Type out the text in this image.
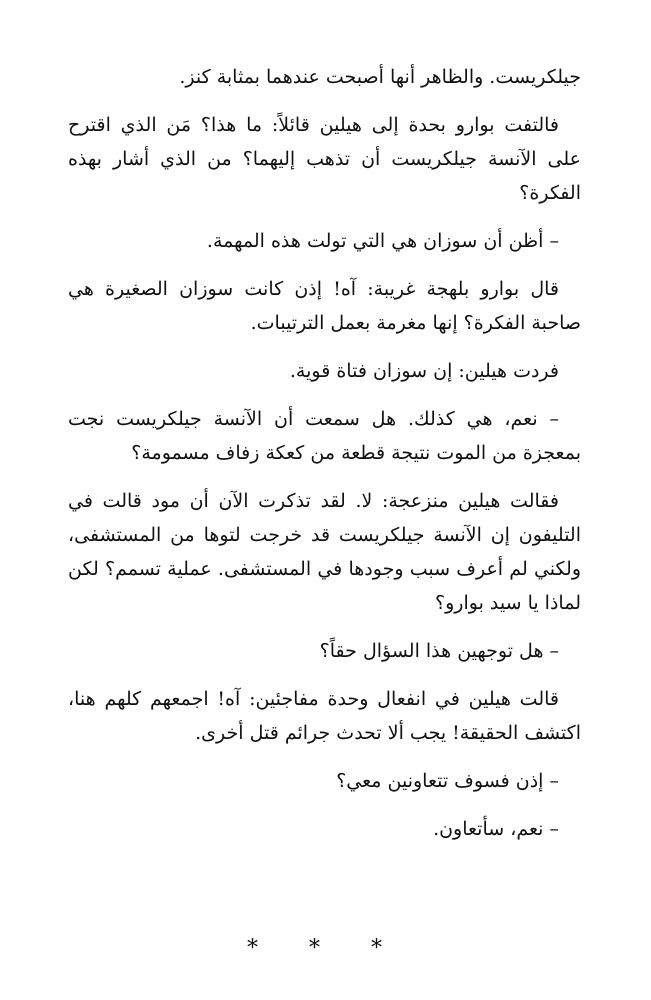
جيلكريست. والظاهر أنها أصبحت عندهما بمثابة كنز.

فالتفت بوارو بحدة إلى هيلين قائلاً: ما هذا؟ مَن الذي اقترح على الآنسة جيلكريست أن تذهب إليهما؟ من الذي أشار بهذه الفكرة؟

– أظن أن سوزان هي التي تولت هذه المهمة.

قال بوارو بلهجة غريبة: آه! إذن كانت سوزان الصغيرة هي صاحبة الفكرة؟ إنها مغرمة بعمل الترتيبات.

فردت هيلين: إن سوزان فتاة قوية.

– نعم، هي كذلك. هل سمعت أن الآنسة جيلكريست نجت بمعجزة من الموت نتيجة قطعة من كعكة زفاف مسمومة؟

فقالت هيلين منزعجة: لا. لقد تذكرت الآن أن مود قالت في التليفون إن الآنسة جيلكريست قد خرجت لتوها من المستشفى، ولكني لم أعرف سبب وجودها في المستشفى. عملية تسمم؟ لكن لماذا يا سيد بوارو؟

– هل توجهين هذا السؤال حقاً؟

قالت هيلين في انفعال وحدة مفاجئين: آه! اجمعهم كلهم هنا، اكتشف الحقيقة! يجب ألا تحدث جرائم قتل أخرى.

– إذن فسوف تتعاونين معي؟

– نعم، سأتعاون.

* * *
